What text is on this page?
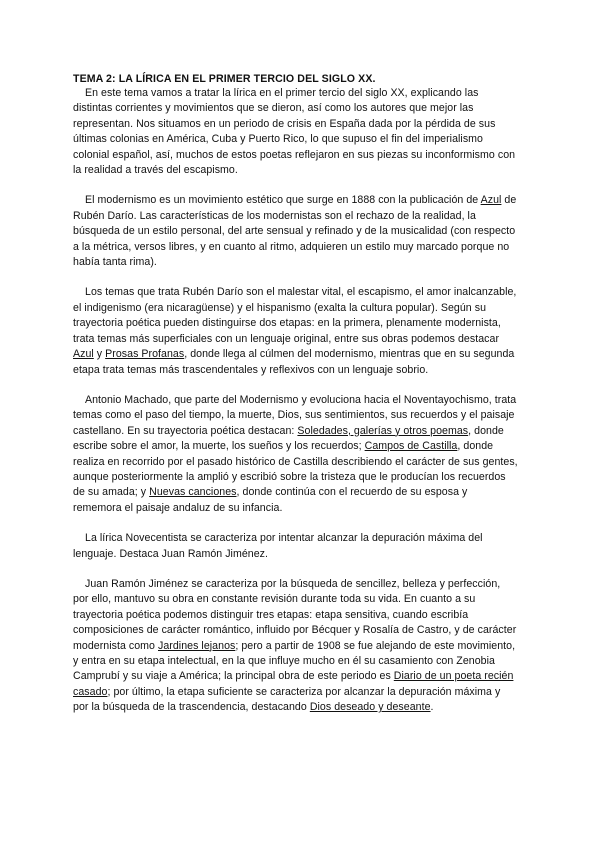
TEMA 2: LA LÍRICA EN EL PRIMER TERCIO DEL SIGLO XX.

En este tema vamos a tratar la lírica en el primer tercio del siglo XX, explicando las distintas corrientes y movimientos que se dieron, así como los autores que mejor las representan. Nos situamos en un periodo de crisis en España dada por la pérdida de sus últimas colonias en América, Cuba y Puerto Rico, lo que supuso el fin del imperialismo colonial español, así, muchos de estos poetas reflejaron en sus piezas su inconformismo con la realidad a través del escapismo.

El modernismo es un movimiento estético que surge en 1888 con la publicación de Azul de Rubén Darío. Las características de los modernistas son el rechazo de la realidad, la búsqueda de un estilo personal, del arte sensual y refinado y de la musicalidad (con respecto a la métrica, versos libres, y en cuanto al ritmo, adquieren un estilo muy marcado porque no había tanta rima).

Los temas que trata Rubén Darío son el malestar vital, el escapismo, el amor inalcanzable, el indigenismo (era nicaragüense) y el hispanismo (exalta la cultura popular). Según su trayectoria poética pueden distinguirse dos etapas: en la primera, plenamente modernista, trata temas más superficiales con un lenguaje original, entre sus obras podemos destacar Azul y Prosas Profanas, donde llega al cúlmen del modernismo, mientras que en su segunda etapa trata temas más trascendentales y reflexivos con un lenguaje sobrio.

Antonio Machado, que parte del Modernismo y evoluciona hacia el Noventayochismo, trata temas como el paso del tiempo, la muerte, Dios, sus sentimientos, sus recuerdos y el paisaje castellano. En su trayectoria poética destacan: Soledades, galerías y otros poemas, donde escribe sobre el amor, la muerte, los sueños y los recuerdos; Campos de Castilla, donde realiza en recorrido por el pasado histórico de Castilla describiendo el carácter de sus gentes, aunque posteriormente la amplió y escribió sobre la tristeza que le producían los recuerdos de su amada; y Nuevas canciones, donde continúa con el recuerdo de su esposa y rememora el paisaje andaluz de su infancia.

La lírica Novecentista se caracteriza por intentar alcanzar la depuración máxima del lenguaje. Destaca Juan Ramón Jiménez.

Juan Ramón Jiménez se caracteriza por la búsqueda de sencillez, belleza y perfección, por ello, mantuvo su obra en constante revisión durante toda su vida. En cuanto a su trayectoria poética podemos distinguir tres etapas: etapa sensitiva, cuando escribía composiciones de carácter romántico, influido por Bécquer y Rosalía de Castro, y de carácter modernista como Jardines lejanos; pero a partir de 1908 se fue alejando de este movimiento, y entra en su etapa intelectual, en la que influye mucho en él su casamiento con Zenobia Camprubí y su viaje a América; la principal obra de este periodo es Diario de un poeta recién casado; por último, la etapa suficiente se caracteriza por alcanzar la depuración máxima y por la búsqueda de la trascendencia, destacando Dios deseado y deseante.
